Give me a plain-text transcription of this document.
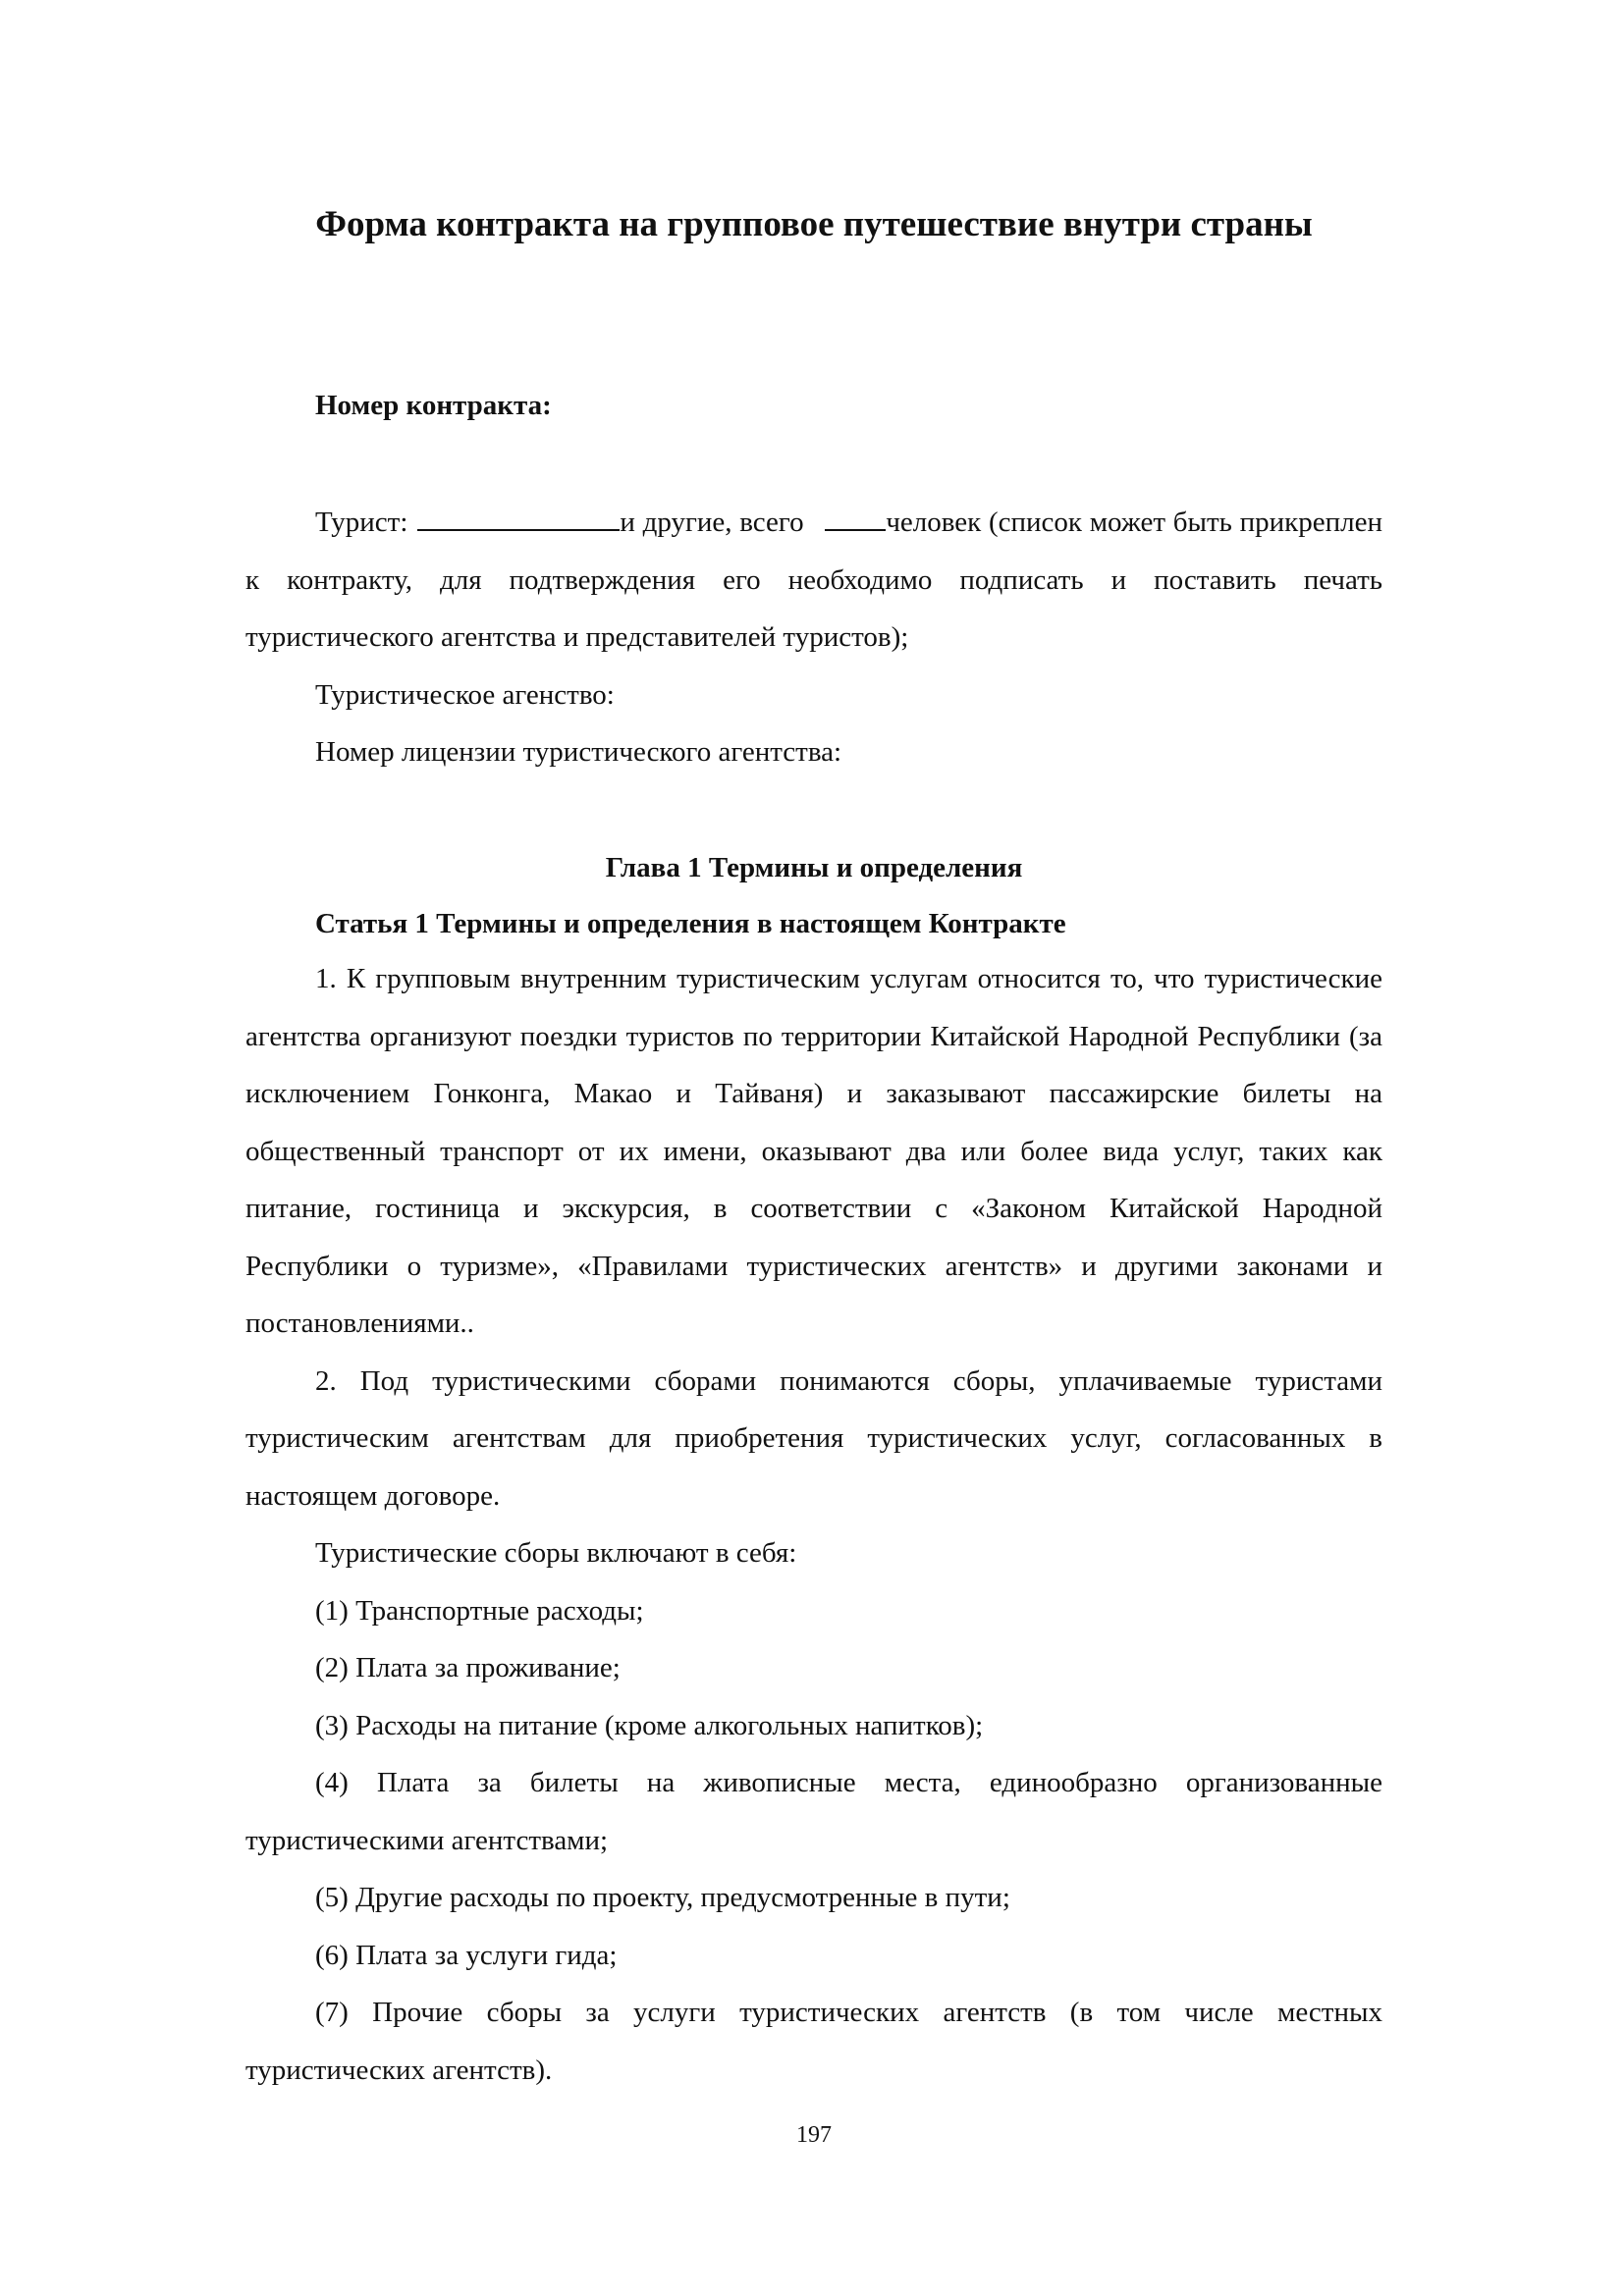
Форма контракта на групповое путешествие внутри страны

Номер контракта:

Турист:	и другие, всего	человек (список может быть прикреплен к контракту, для подтверждения его необходимо подписать и поставить печать туристического агентства и представителей туристов);

Туристическое агенство:

Номер лицензии туристического агентства:

Глава 1 Термины и определения
Статья 1 Термины и определения в настоящем Контракте

1. К групповым внутренним туристическим услугам относится то, что туристические агентства организуют поездки туристов по территории Китайской Народной Республики (за исключением Гонконга, Макао и Тайваня) и заказывают пассажирские билеты на общественный транспорт от их имени, оказывают два или более вида услуг, таких как питание, гостиница и экскурсия, в соответствии с «Законом Китайской Народной Республики о туризме», «Правилами туристических агентств» и другими законами и постановлениями..

2. Под туристическими сборами понимаются сборы, уплачиваемые туристами туристическим агентствам для приобретения туристических услуг, согласованных в настоящем договоре.

Туристические сборы включают в себя:

(1) Транспортные расходы;

(2) Плата за проживание;

(3) Расходы на питание (кроме алкогольных напитков);

(4) Плата за билеты на живописные места, единообразно организованные туристическими агентствами;

(5) Другие расходы по проекту, предусмотренные в пути;

(6) Плата за услуги гида;

(7) Прочие сборы за услуги туристических агентств (в том числе местных туристических агентств).

197
